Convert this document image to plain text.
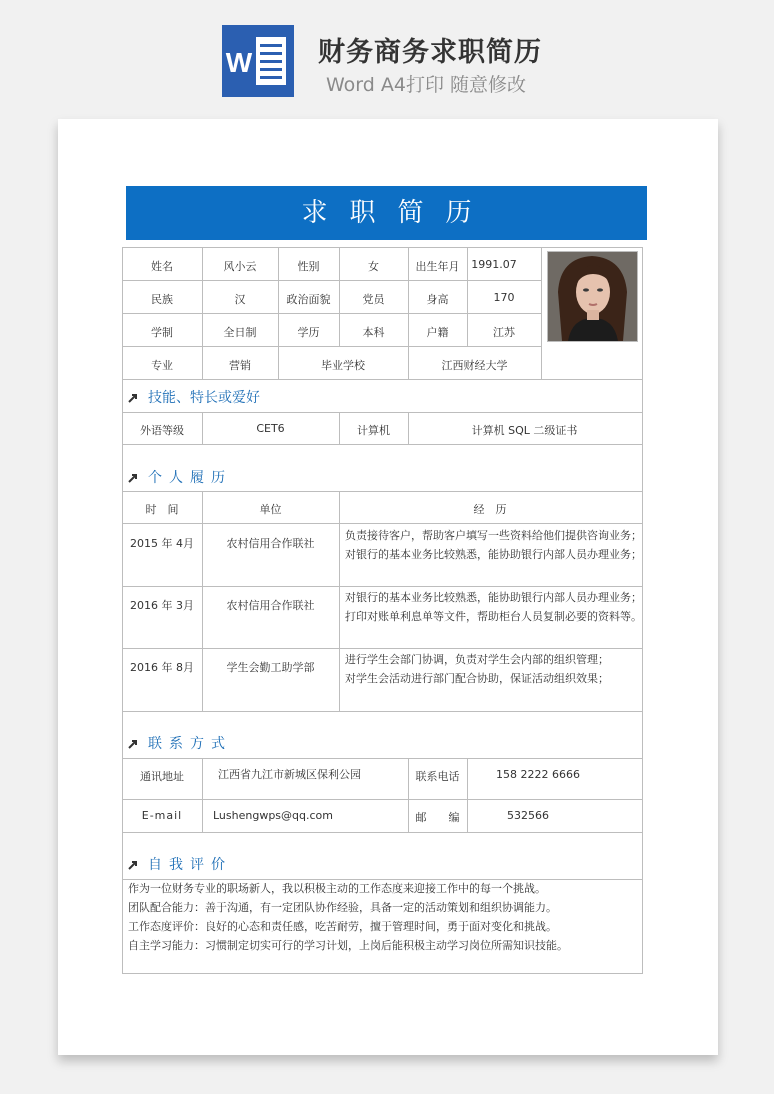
W 财务商务求职简历
Word A4打印 随意修改
求职简历
姓名	风小云	性别	女	出生年月	1991.07
民族	汉	政治面貌	党员	身高	170
学制	全日制	学历	本科	户籍	江苏
专业	营销	毕业学校	江西财经大学
技能、特长或爱好
外语等级	CET6	计算机	计算机 SQL 二级证书
个人履历
时　间	单位	经　历
2015 年 4月	农村信用合作联社
负责接待客户，帮助客户填写一些资料给他们提供咨询业务；
对银行的基本业务比较熟悉，能协助银行内部人员办理业务；
2016 年 3月	农村信用合作联社
对银行的基本业务比较熟悉，能协助银行内部人员办理业务；
打印对账单利息单等文件，帮助柜台人员复制必要的资料等。
2016 年 8月	学生会勤工助学部
进行学生会部门协调，负责对学生会内部的组织管理；
对学生会活动进行部门配合协助，保证活动组织效果；
联系方式
通讯地址	江西省九江市新城区保利公园	联系电话	158 2222 6666
E-mail	Lushengwps@qq.com	邮　　编	532566
自我评价
作为一位财务专业的职场新人，我以积极主动的工作态度来迎接工作中的每一个挑战。
团队配合能力：善于沟通，有一定团队协作经验，具备一定的活动策划和组织协调能力。
工作态度评价：良好的心态和责任感，吃苦耐劳，擅于管理时间，勇于面对变化和挑战。
自主学习能力：习惯制定切实可行的学习计划，上岗后能积极主动学习岗位所需知识技能。
